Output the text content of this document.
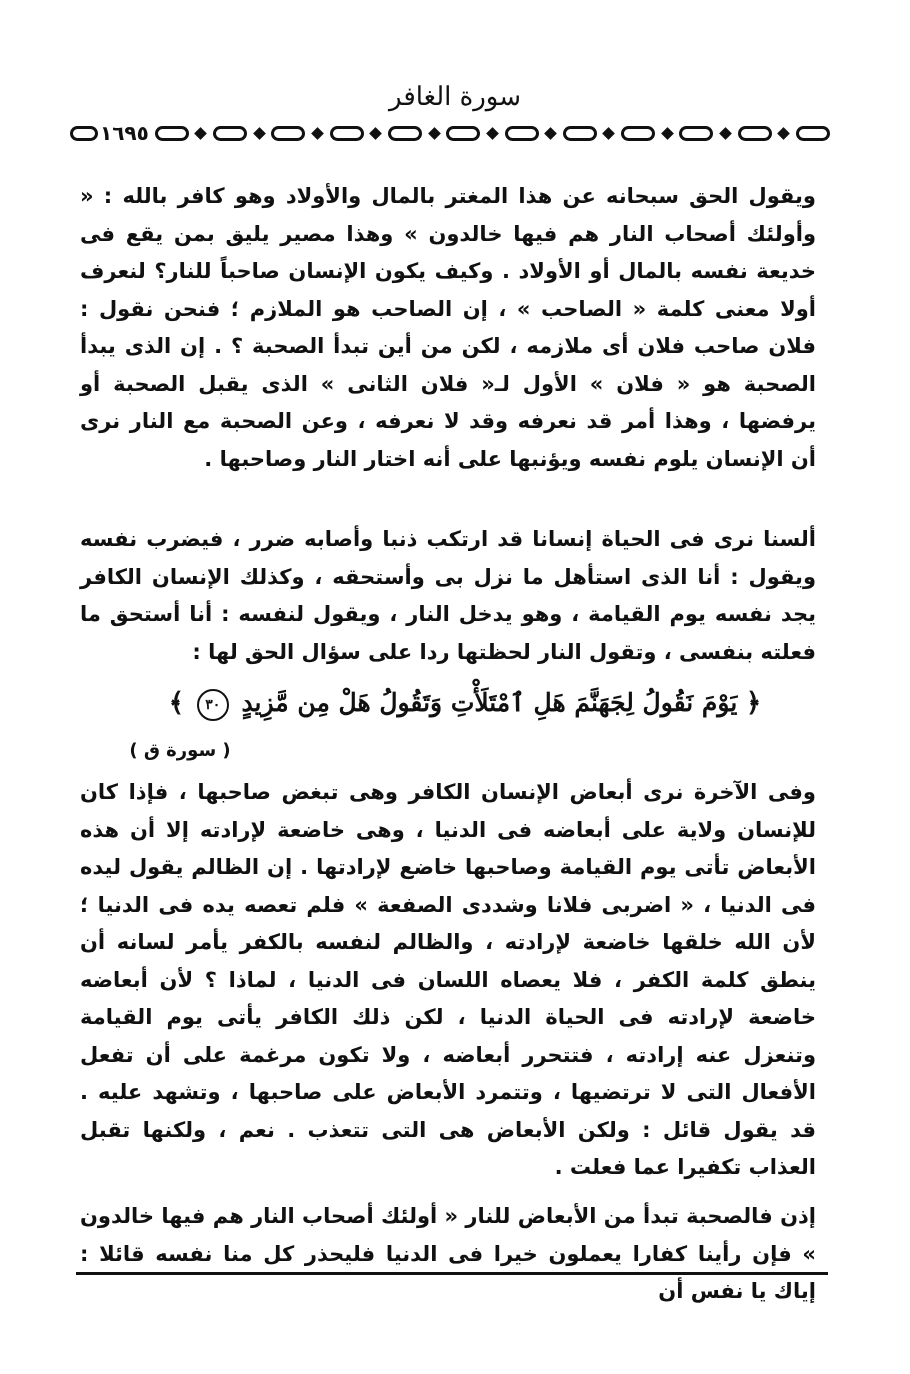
سورة الغافر
١٦٩٥

ويقول الحق سبحانه عن هذا المغتر بالمال والأولاد وهو كافر بالله : « وأولئك أصحاب النار هم فيها خالدون » وهذا مصير يليق بمن يقع فى خديعة نفسه بالمال أو الأولاد . وكيف يكون الإنسان صاحباً للنار؟ لنعرف أولا معنى كلمة « الصاحب » ، إن الصاحب هو الملازم ؛ فنحن نقول : فلان صاحب فلان أى ملازمه ، لكن من أين تبدأ الصحبة ؟ . إن الذى يبدأ الصحبة هو « فلان » الأول لـ« فلان الثانى » الذى يقبل الصحبة أو يرفضها ، وهذا أمر قد نعرفه وقد لا نعرفه ، وعن الصحبة مع النار نرى أن الإنسان يلوم نفسه ويؤنبها على أنه اختار النار وصاحبها .

ألسنا نرى فى الحياة إنسانا قد ارتكب ذنبا وأصابه ضرر ، فيضرب نفسه ويقول : أنا الذى استأهل ما نزل بى وأستحقه ، وكذلك الإنسان الكافر يجد نفسه يوم القيامة ، وهو يدخل النار ، ويقول لنفسه : أنا أستحق ما فعلته بنفسى ، وتقول النار لحظتها ردا على سؤال الحق لها :

﴿ يَوْمَ نَقُولُ لِجَهَنَّمَ هَلِ ٱمْتَلَأْتِ وَتَقُولُ هَلْ مِن مَّزِيدٍ ٣٠ ﴾
( سورة ق )

وفى الآخرة نرى أبعاض الإنسان الكافر وهى تبغض صاحبها ، فإذا كان للإنسان ولاية على أبعاضه فى الدنيا ، وهى خاضعة لإرادته إلا أن هذه الأبعاض تأتى يوم القيامة وصاحبها خاضع لإرادتها . إن الظالم يقول ليده فى الدنيا ، « اضربى فلانا وشددى الصفعة » فلم تعصه يده فى الدنيا ؛ لأن الله خلقها خاضعة لإرادته ، والظالم لنفسه بالكفر يأمر لسانه أن ينطق كلمة الكفر ، فلا يعصاه اللسان فى الدنيا ، لماذا ؟ لأن أبعاضه خاضعة لإرادته فى الحياة الدنيا ، لكن ذلك الكافر يأتى يوم القيامة وتنعزل عنه إرادته ، فتتحرر أبعاضه ، ولا تكون مرغمة على أن تفعل الأفعال التى لا ترتضيها ، وتتمرد الأبعاض على صاحبها ، وتشهد عليه . قد يقول قائل : ولكن الأبعاض هى التى تتعذب . نعم ، ولكنها تقبل العذاب تكفيرا عما فعلت .

إذن فالصحبة تبدأ من الأبعاض للنار « أولئك أصحاب النار هم فيها خالدون » فإن رأينا كفارا يعملون خيرا فى الدنيا فليحذر كل منا نفسه قائلا : إياك يا نفس أن
